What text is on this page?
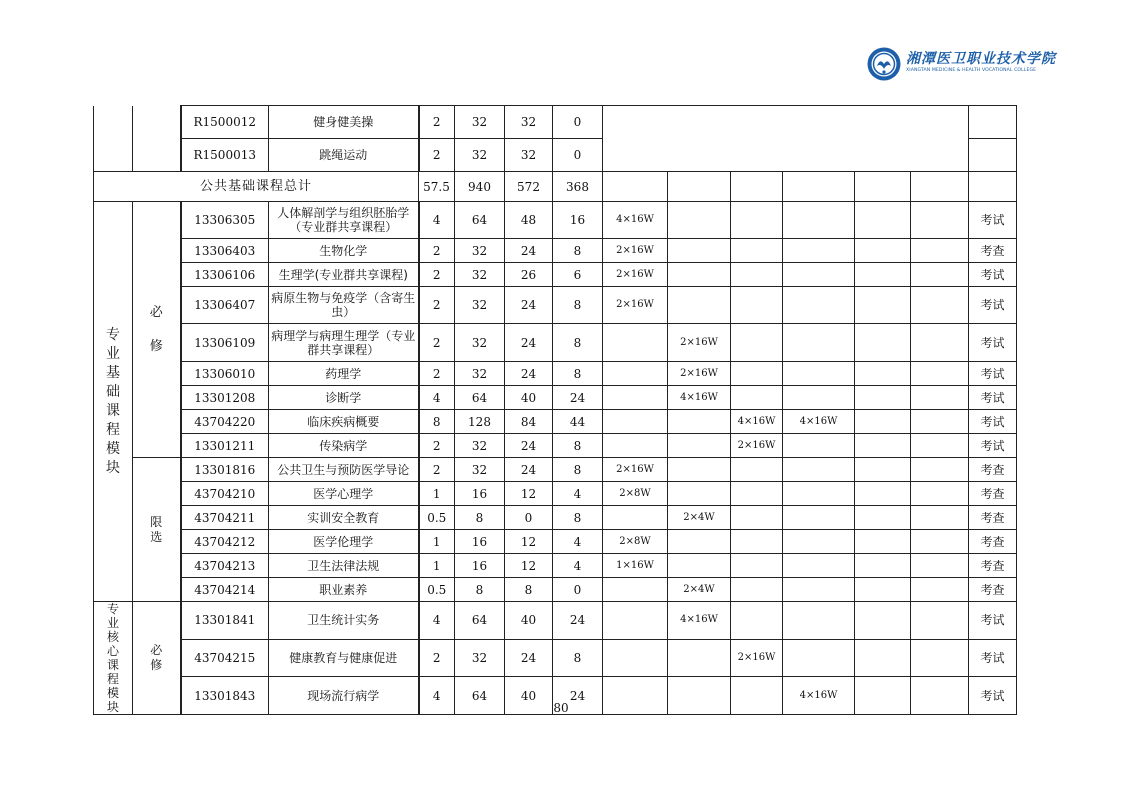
湘潭医卫职业技术学院
XIANGTAN MEDICINE & HEALTH VOCATIONAL COLLEGE
		R1500012	健身健美操	2	32	32	0							
		R1500013	跳绳运动	2	32	32	0							
公共基础课程总计				57.5	940	572	368							
专业基础课程模块	必修	13306305	人体解剖学与组织胚胎学（专业群共享课程）	4	64	48	16	4×16W						考试
		13306403	生物化学	2	32	24	8	2×16W						考查
		13306106	生理学(专业群共享课程)	2	32	26	6	2×16W						考试
		13306407	病原生物与免疫学（含寄生虫）	2	32	24	8	2×16W						考试
		13306109	病理学与病理生理学（专业群共享课程）	2	32	24	8		2×16W					考试
		13306010	药理学	2	32	24	8		2×16W					考试
		13301208	诊断学	4	64	40	24		4×16W					考试
		43704220	临床疾病概要	8	128	84	44			4×16W	4×16W			考试
		13301211	传染病学	2	32	24	8			2×16W				考试
	限选	13301816	公共卫生与预防医学导论	2	32	24	8	2×16W						考查
		43704210	医学心理学	1	16	12	4	2×8W						考查
		43704211	实训安全教育	0.5	8	0	8		2×4W					考查
		43704212	医学伦理学	1	16	12	4	2×8W						考查
		43704213	卫生法律法规	1	16	12	4	1×16W						考查
		43704214	职业素养	0.5	8	8	0		2×4W					考查
专业核心课程模块	必修	13301841	卫生统计实务	4	64	40	24		4×16W					考试
		43704215	健康教育与健康促进	2	32	24	8			2×16W				考试
		13301843	现场流行病学	4	64	40	24				4×16W			考试
80
